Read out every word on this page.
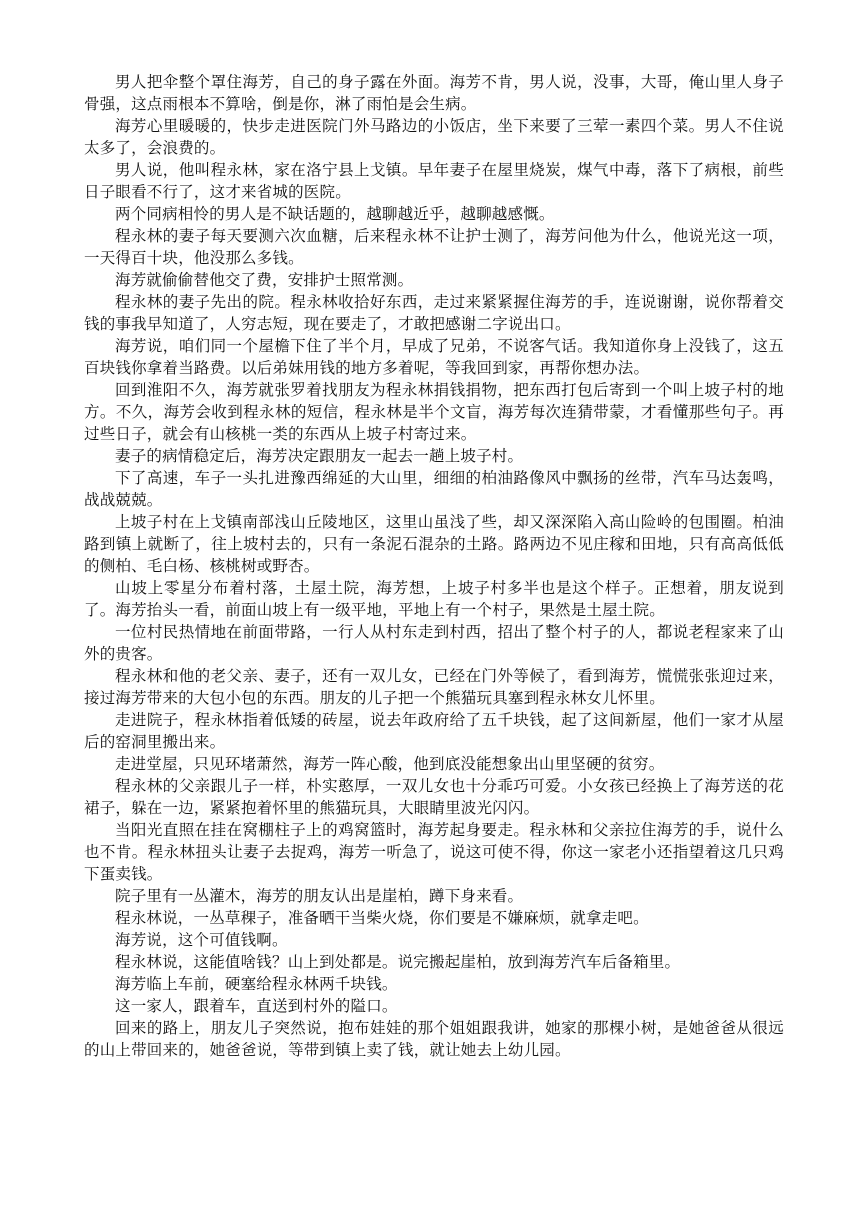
男人把伞整个罩住海芳，自己的身子露在外面。海芳不肯，男人说，没事，大哥，俺山里人身子骨强，这点雨根本不算啥，倒是你，淋了雨怕是会生病。

海芳心里暖暖的，快步走进医院门外马路边的小饭店，坐下来要了三荤一素四个菜。男人不住说太多了，会浪费的。

男人说，他叫程永林，家在洛宁县上戈镇。早年妻子在屋里烧炭，煤气中毒，落下了病根，前些日子眼看不行了，这才来省城的医院。

两个同病相怜的男人是不缺话题的，越聊越近乎，越聊越感慨。

程永林的妻子每天要测六次血糖，后来程永林不让护士测了，海芳问他为什么，他说光这一项，一天得百十块，他没那么多钱。

海芳就偷偷替他交了费，安排护士照常测。

程永林的妻子先出的院。程永林收拾好东西，走过来紧紧握住海芳的手，连说谢谢，说你帮着交钱的事我早知道了，人穷志短，现在要走了，才敢把感谢二字说出口。

海芳说，咱们同一个屋檐下住了半个月，早成了兄弟，不说客气话。我知道你身上没钱了，这五百块钱你拿着当路费。以后弟妹用钱的地方多着呢，等我回到家，再帮你想办法。

回到淮阳不久，海芳就张罗着找朋友为程永林捐钱捐物，把东西打包后寄到一个叫上坡子村的地方。不久，海芳会收到程永林的短信，程永林是半个文盲，海芳每次连猜带蒙，才看懂那些句子。再过些日子，就会有山核桃一类的东西从上坡子村寄过来。

妻子的病情稳定后，海芳决定跟朋友一起去一趟上坡子村。

下了高速，车子一头扎进豫西绵延的大山里，细细的柏油路像风中飘扬的丝带，汽车马达轰鸣，战战兢兢。

上坡子村在上戈镇南部浅山丘陵地区，这里山虽浅了些，却又深深陷入高山险岭的包围圈。柏油路到镇上就断了，往上坡村去的，只有一条泥石混杂的土路。路两边不见庄稼和田地，只有高高低低的侧柏、毛白杨、核桃树或野杏。

山坡上零星分布着村落，土屋土院，海芳想，上坡子村多半也是这个样子。正想着，朋友说到了。海芳抬头一看，前面山坡上有一级平地，平地上有一个村子，果然是土屋土院。

一位村民热情地在前面带路，一行人从村东走到村西，招出了整个村子的人，都说老程家来了山外的贵客。

程永林和他的老父亲、妻子，还有一双儿女，已经在门外等候了，看到海芳，慌慌张张迎过来，接过海芳带来的大包小包的东西。朋友的儿子把一个熊猫玩具塞到程永林女儿怀里。

走进院子，程永林指着低矮的砖屋，说去年政府给了五千块钱，起了这间新屋，他们一家才从屋后的窑洞里搬出来。

走进堂屋，只见环堵萧然，海芳一阵心酸，他到底没能想象出山里坚硬的贫穷。

程永林的父亲跟儿子一样，朴实憨厚，一双儿女也十分乖巧可爱。小女孩已经换上了海芳送的花裙子，躲在一边，紧紧抱着怀里的熊猫玩具，大眼睛里波光闪闪。

当阳光直照在挂在窝棚柱子上的鸡窝篮时，海芳起身要走。程永林和父亲拉住海芳的手，说什么也不肯。程永林扭头让妻子去捉鸡，海芳一听急了，说这可使不得，你这一家老小还指望着这几只鸡下蛋卖钱。

院子里有一丛灌木，海芳的朋友认出是崖柏，蹲下身来看。

程永林说，一丛草稞子，准备晒干当柴火烧，你们要是不嫌麻烦，就拿走吧。

海芳说，这个可值钱啊。

程永林说，这能值啥钱？山上到处都是。说完搬起崖柏，放到海芳汽车后备箱里。

海芳临上车前，硬塞给程永林两千块钱。

这一家人，跟着车，直送到村外的隘口。

回来的路上，朋友儿子突然说，抱布娃娃的那个姐姐跟我讲，她家的那棵小树，是她爸爸从很远的山上带回来的，她爸爸说，等带到镇上卖了钱，就让她去上幼儿园。
